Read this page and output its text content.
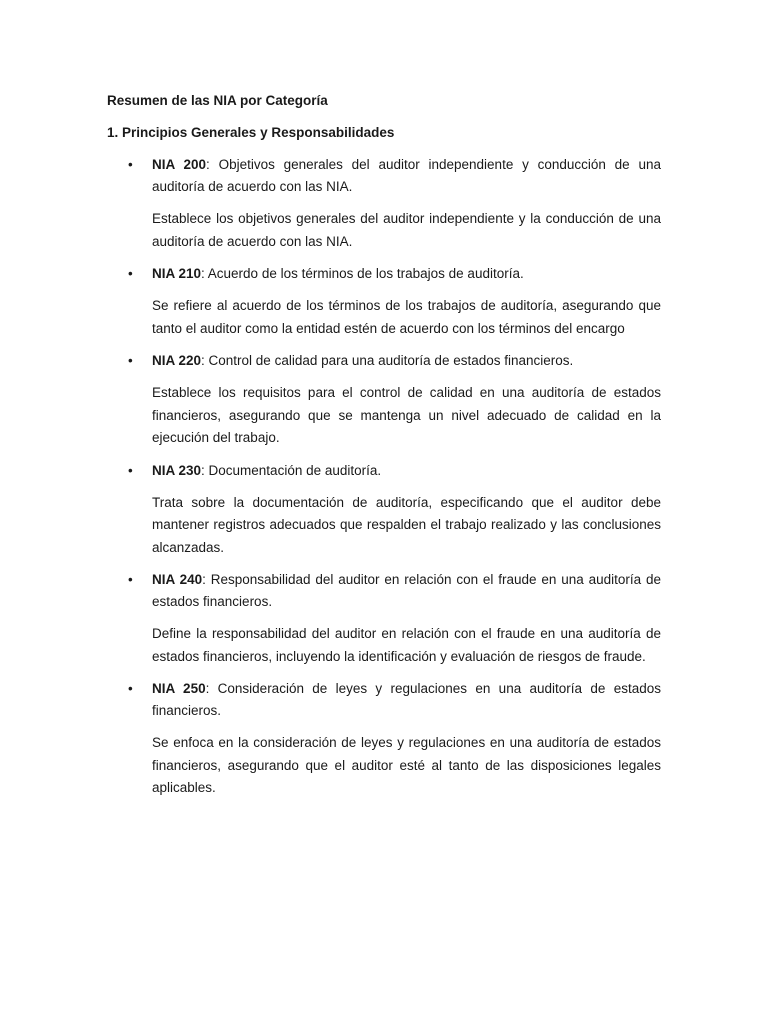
Resumen de las NIA por Categoría

1. Principios Generales y Responsabilidades

• NIA 200: Objetivos generales del auditor independiente y conducción de una auditoría de acuerdo con las NIA.

Establece los objetivos generales del auditor independiente y la conducción de una auditoría de acuerdo con las NIA.

• NIA 210: Acuerdo de los términos de los trabajos de auditoría.

Se refiere al acuerdo de los términos de los trabajos de auditoría, asegurando que tanto el auditor como la entidad estén de acuerdo con los términos del encargo

• NIA 220: Control de calidad para una auditoría de estados financieros.

Establece los requisitos para el control de calidad en una auditoría de estados financieros, asegurando que se mantenga un nivel adecuado de calidad en la ejecución del trabajo.

• NIA 230: Documentación de auditoría.

Trata sobre la documentación de auditoría, especificando que el auditor debe mantener registros adecuados que respalden el trabajo realizado y las conclusiones alcanzadas.

• NIA 240: Responsabilidad del auditor en relación con el fraude en una auditoría de estados financieros.

Define la responsabilidad del auditor en relación con el fraude en una auditoría de estados financieros, incluyendo la identificación y evaluación de riesgos de fraude.

• NIA 250: Consideración de leyes y regulaciones en una auditoría de estados financieros.

Se enfoca en la consideración de leyes y regulaciones en una auditoría de estados financieros, asegurando que el auditor esté al tanto de las disposiciones legales aplicables.
